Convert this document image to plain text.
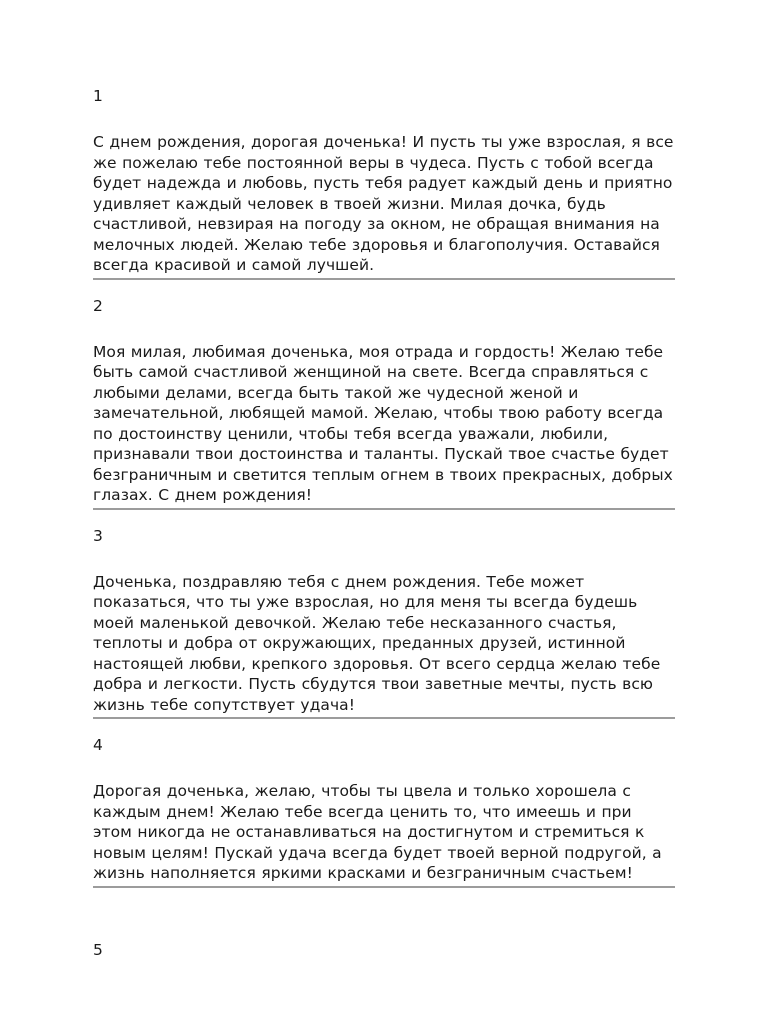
1

С днем рождения, дорогая доченька! И пусть ты уже взрослая, я все же пожелаю тебе постоянной веры в чудеса. Пусть с тобой всегда будет надежда и любовь, пусть тебя радует каждый день и приятно удивляет каждый человек в твоей жизни. Милая дочка, будь счастливой, невзирая на погоду за окном, не обращая внимания на мелочных людей. Желаю тебе здоровья и благополучия. Оставайся всегда красивой и самой лучшей.

2

Моя милая, любимая доченька, моя отрада и гордость! Желаю тебе быть самой счастливой женщиной на свете. Всегда справляться с любыми делами, всегда быть такой же чудесной женой и замечательной, любящей мамой. Желаю, чтобы твою работу всегда по достоинству ценили, чтобы тебя всегда уважали, любили, признавали твои достоинства и таланты. Пускай твое счастье будет безграничным и светится теплым огнем в твоих прекрасных, добрых глазах. С днем рождения!

3

Доченька, поздравляю тебя с днем рождения. Тебе может показаться, что ты уже взрослая, но для меня ты всегда будешь моей маленькой девочкой. Желаю тебе несказанного счастья, теплоты и добра от окружающих, преданных друзей, истинной настоящей любви, крепкого здоровья. От всего сердца желаю тебе добра и легкости. Пусть сбудутся твои заветные мечты, пусть всю жизнь тебе сопутствует удача!

4

Дорогая доченька, желаю, чтобы ты цвела и только хорошела с каждым днем! Желаю тебе всегда ценить то, что имеешь и при этом никогда не останавливаться на достигнутом и стремиться к новым целям! Пускай удача всегда будет твоей верной подругой, а жизнь наполняется яркими красками и безграничным счастьем!

5
